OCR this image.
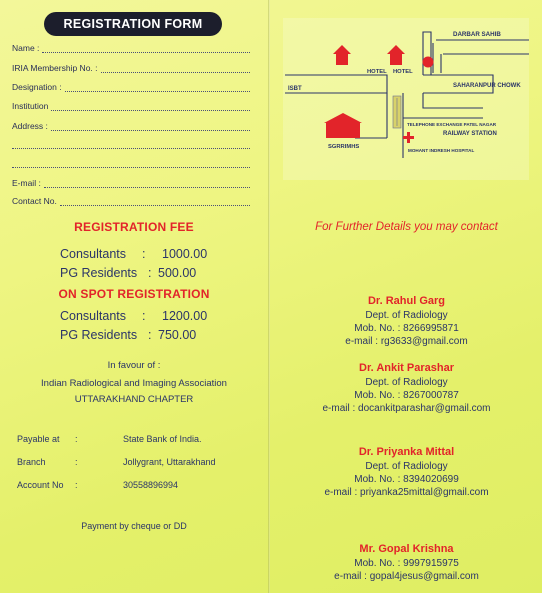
REGISTRATION FORM
Name :
IRIA Membership No. :
Designation :
Institution
Address :
E-mail :
Contact No.
REGISTRATION FEE
Consultants	:	1000.00
PG Residents : 500.00
ON SPOT REGISTRATION
Consultants	:	1200.00
PG Residents : 750.00
In favour of :
Indian Radiological and Imaging Association
UTTARAKHAND CHAPTER
Payable at :	State Bank of India.
Branch	:	Jollygrant, Uttarakhand
Account No :	30558896994
Payment by cheque or DD
DARBAR SAHIB
HOTEL HOTEL
ISBT	SAHARANPUR CHOWK
TELEPHONE EXCHANGE PATEL NAGAR
RAILWAY STATION
SGRRIMHS
MOHANT INDRESH HOSPITAL
For Further Details you may contact
Dr. Rahul Garg
Dept. of Radiology
Mob. No. : 8266995871
e-mail : rg3633@gmail.com
Dr. Ankit Parashar
Dept. of Radiology
Mob. No. : 8267000787
e-mail : docankitparashar@gmail.com
Dr. Priyanka Mittal
Dept. of Radiology
Mob. No. : 8394020699
e-mail : priyanka25mittal@gmail.com
Mr. Gopal Krishna
Mob. No. : 9997915975
e-mail : gopal4jesus@gmail.com
